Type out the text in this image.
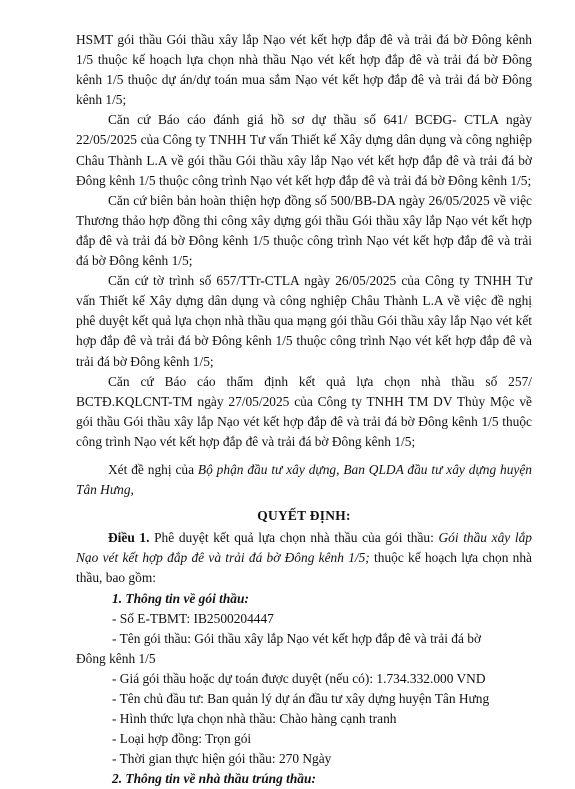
HSMT gói thầu Gói thầu xây lắp Nạo vét kết hợp đắp đê và trải đá bờ Đông kênh 1/5 thuộc kế hoạch lựa chọn nhà thầu Nạo vét kết hợp đắp đê và trải đá bờ Đông kênh 1/5 thuộc dự án/dự toán mua sắm Nạo vét kết hợp đắp đê và trải đá bờ Đông kênh 1/5;

Căn cứ Báo cáo đánh giá hồ sơ dự thầu số 641/ BCĐG- CTLA ngày 22/05/2025 của Công ty TNHH Tư vấn Thiết kế Xây dựng dân dụng và công nghiệp Châu Thành L.A về gói thầu Gói thầu xây lắp Nạo vét kết hợp đắp đê và trải đá bờ Đông kênh 1/5 thuộc công trình Nạo vét kết hợp đắp đê và trải đá bờ Đông kênh 1/5;

Căn cứ biên bản hoàn thiện hợp đồng số 500/BB-DA ngày 26/05/2025 về việc Thương thảo hợp đồng thi công xây dựng gói thầu Gói thầu xây lắp Nạo vét kết hợp đắp đê và trải đá bờ Đông kênh 1/5 thuộc công trình Nạo vét kết hợp đắp đê và trải đá bờ Đông kênh 1/5;

Căn cứ tờ trình số 657/TTr-CTLA ngày 26/05/2025 của Công ty TNHH Tư vấn Thiết kế Xây dựng dân dụng và công nghiệp Châu Thành L.A về việc đề nghị phê duyệt kết quả lựa chọn nhà thầu qua mạng gói thầu Gói thầu xây lắp Nạo vét kết hợp đắp đê và trải đá bờ Đông kênh 1/5 thuộc công trình Nạo vét kết hợp đắp đê và trải đá bờ Đông kênh 1/5;

Căn cứ Báo cáo thẩm định kết quả lựa chọn nhà thầu số 257/ BCTĐ.KQLCNT-TM ngày 27/05/2025 của Công ty TNHH TM DV Thủy Mộc về gói thầu Gói thầu xây lắp Nạo vét kết hợp đắp đê và trải đá bờ Đông kênh 1/5 thuộc công trình Nạo vét kết hợp đắp đê và trải đá bờ Đông kênh 1/5;

Xét đề nghị của Bộ phận đầu tư xây dựng, Ban QLDA đầu tư xây dựng huyện Tân Hưng,

QUYẾT ĐỊNH:

Điều 1. Phê duyệt kết quả lựa chọn nhà thầu của gói thầu: Gói thầu xây lắp Nạo vét kết hợp đắp đê và trải đá bờ Đông kênh 1/5; thuộc kế hoạch lựa chọn nhà thầu, bao gồm:

1. Thông tin về gói thầu:
- Số E-TBMT: IB2500204447
- Tên gói thầu: Gói thầu xây lắp Nạo vét kết hợp đắp đê và trải đá bờ
Đông kênh 1/5
- Giá gói thầu hoặc dự toán được duyệt (nếu có): 1.734.332.000 VND
- Tên chủ đầu tư: Ban quản lý dự án đầu tư xây dựng huyện Tân Hưng
- Hình thức lựa chọn nhà thầu: Chào hàng cạnh tranh
- Loại hợp đồng: Trọn gói
- Thời gian thực hiện gói thầu: 270 Ngày
2. Thông tin về nhà thầu trúng thầu:
